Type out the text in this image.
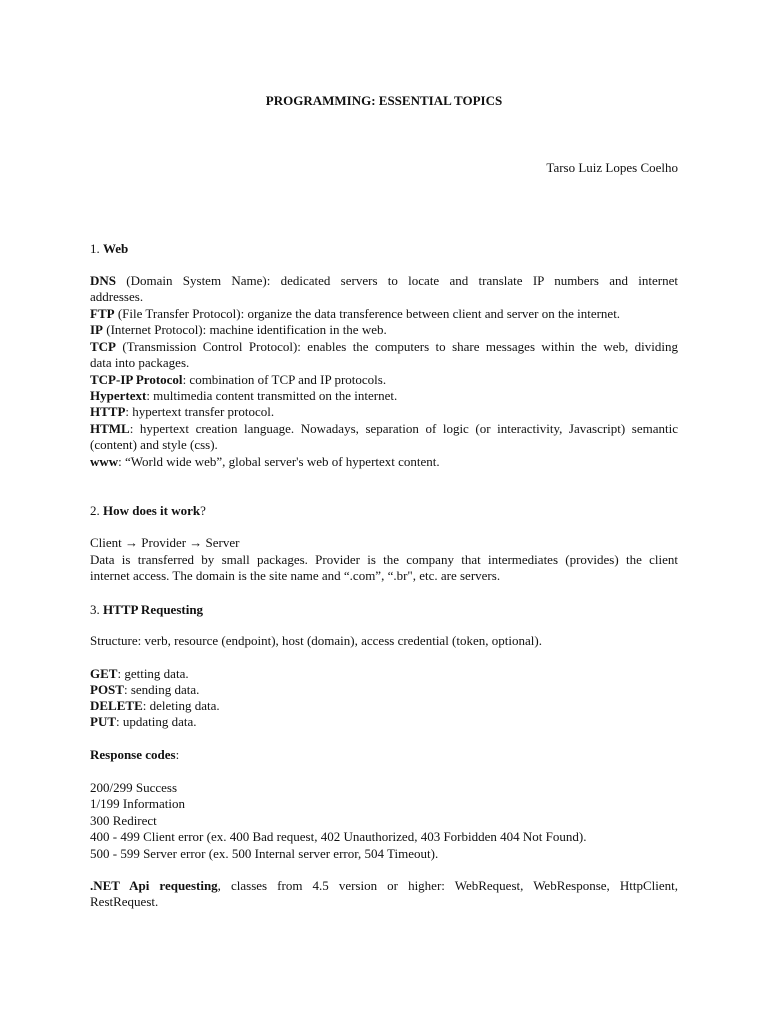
PROGRAMMING: ESSENTIAL TOPICS
Tarso Luiz Lopes Coelho
1. Web
DNS (Domain System Name): dedicated servers to locate and translate IP numbers and internet
addresses.
FTP (File Transfer Protocol): organize the data transference between client and server on the internet.
IP (Internet Protocol): machine identification in the web.
TCP (Transmission Control Protocol): enables the computers to share messages within the web, dividing
data into packages.
TCP-IP Protocol: combination of TCP and IP protocols.
Hypertext: multimedia content transmitted on the internet.
HTTP: hypertext transfer protocol.
HTML: hypertext creation language. Nowadays, separation of logic (or interactivity, Javascript) semantic
(content) and style (css).
www: “World wide web”, global server's web of hypertext content.
2. How does it work?
Client → Provider → Server
Data is transferred by small packages. Provider is the company that intermediates (provides) the client
internet access. The domain is the site name and “.com”, “.br", etc. are servers.
3. HTTP Requesting
Structure: verb, resource (endpoint), host (domain), access credential (token, optional).
GET: getting data.
POST: sending data.
DELETE: deleting data.
PUT: updating data.
Response codes:
200/299 Success
1/199 Information
300 Redirect
400 - 499 Client error (ex. 400 Bad request, 402 Unauthorized, 403 Forbidden 404 Not Found).
500 - 599 Server error (ex. 500 Internal server error, 504 Timeout).
.NET Api requesting, classes from 4.5 version or higher: WebRequest, WebResponse, HttpClient,
RestRequest.
